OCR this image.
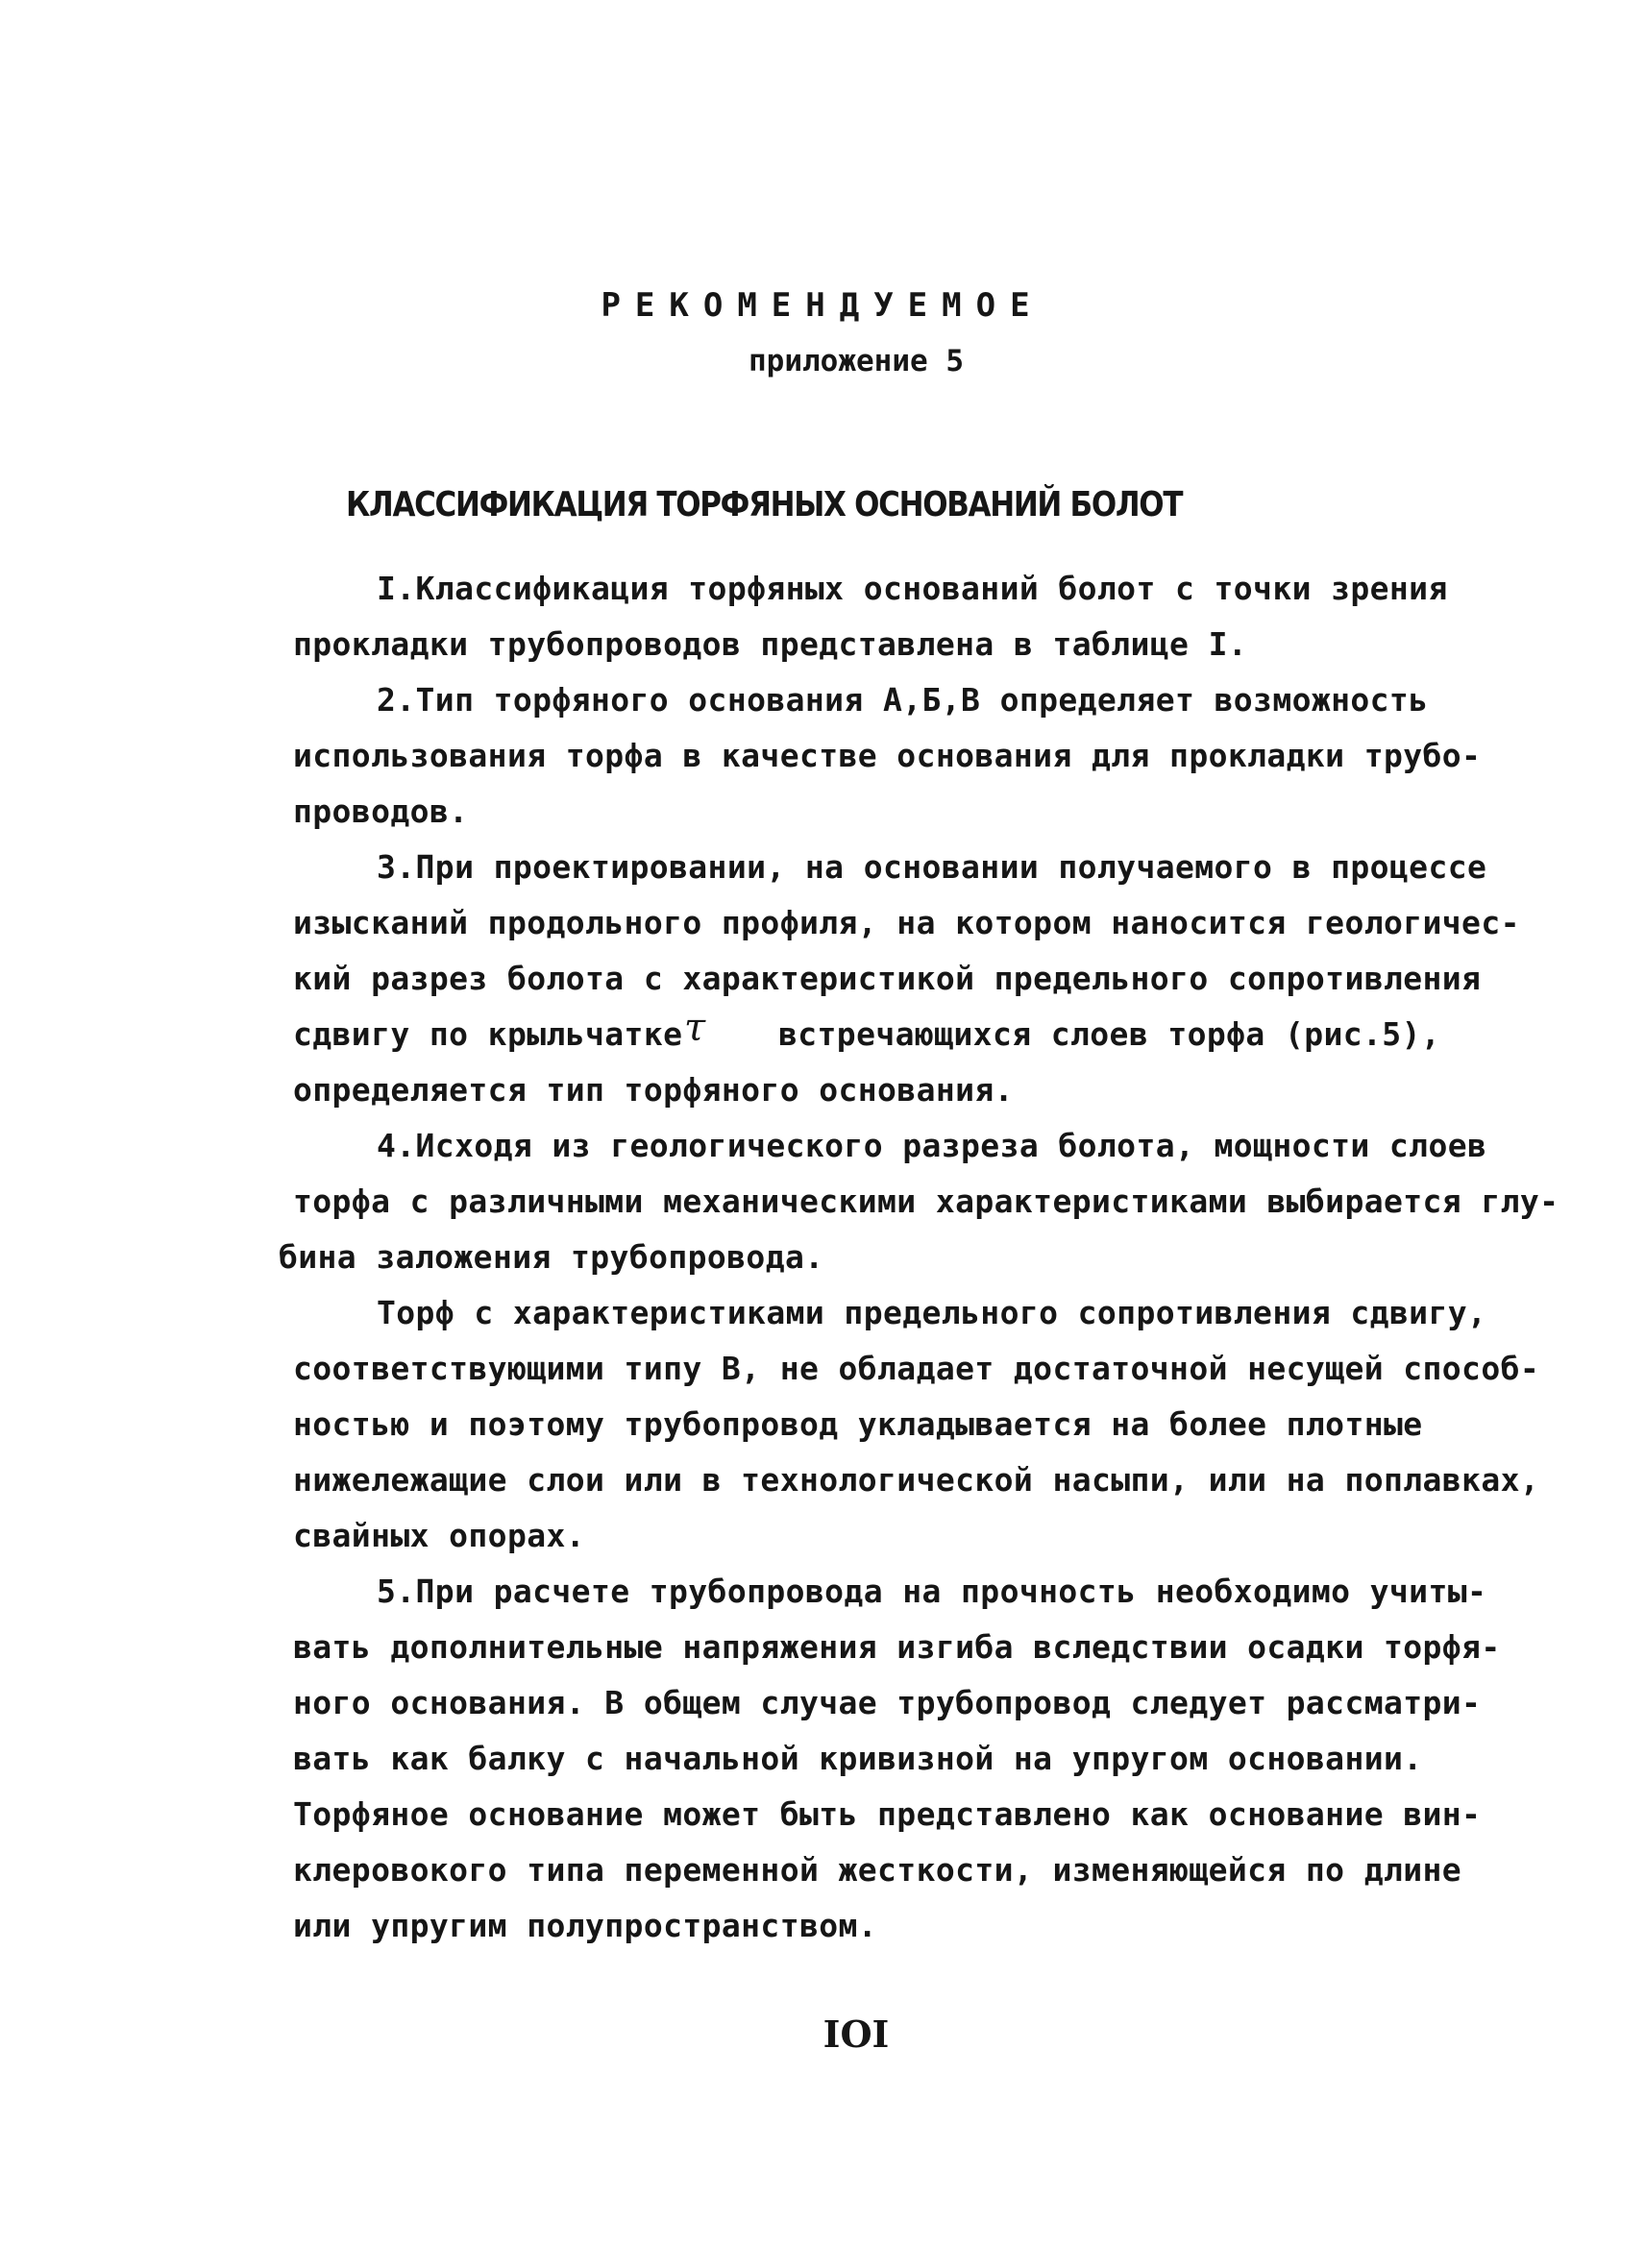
РЕКОМЕНДУЕМОЕ
приложение 5
КЛАССИФИКАЦИЯ ТОРФЯНЫХ ОСНОВАНИЙ БОЛОТ
I.Классификация торфяных оснований болот с точки зрения
прокладки трубопроводов представлена в таблице I.
2.Тип торфяного основания А,Б,В определяет возможность
использования торфа в качестве основания для прокладки трубо-
проводов.
3.При проектировании, на основании получаемого в процессе
изысканий продольного профиля, на котором наносится геологичес-
кий разрез болота с характеристикой предельного сопротивления
сдвигу по крыльчатке τ встречающихся слоев торфа (рис.5),
определяется тип торфяного основания.
4.Исходя из геологического разреза болота, мощности слоев
торфа с различными механическими характеристиками выбирается глу-
бина заложения трубопровода.
Торф с характеристиками предельного сопротивления сдвигу,
соответствующими типу В, не обладает достаточной несущей способ-
ностью и поэтому трубопровод укладывается на более плотные
нижележащие слои или в технологической насыпи, или на поплавках,
свайных опорах.
5.При расчете трубопровода на прочность необходимо учиты-
вать дополнительные напряжения изгиба вследствии осадки торфя-
ного основания. В общем случае трубопровод следует рассматри-
вать как балку с начальной кривизной на упругом основании.
Торфяное основание может быть представлено как основание вин-
клеровокого типа переменной жесткости, изменяющейся по длине
или упругим полупространством.
IOI
